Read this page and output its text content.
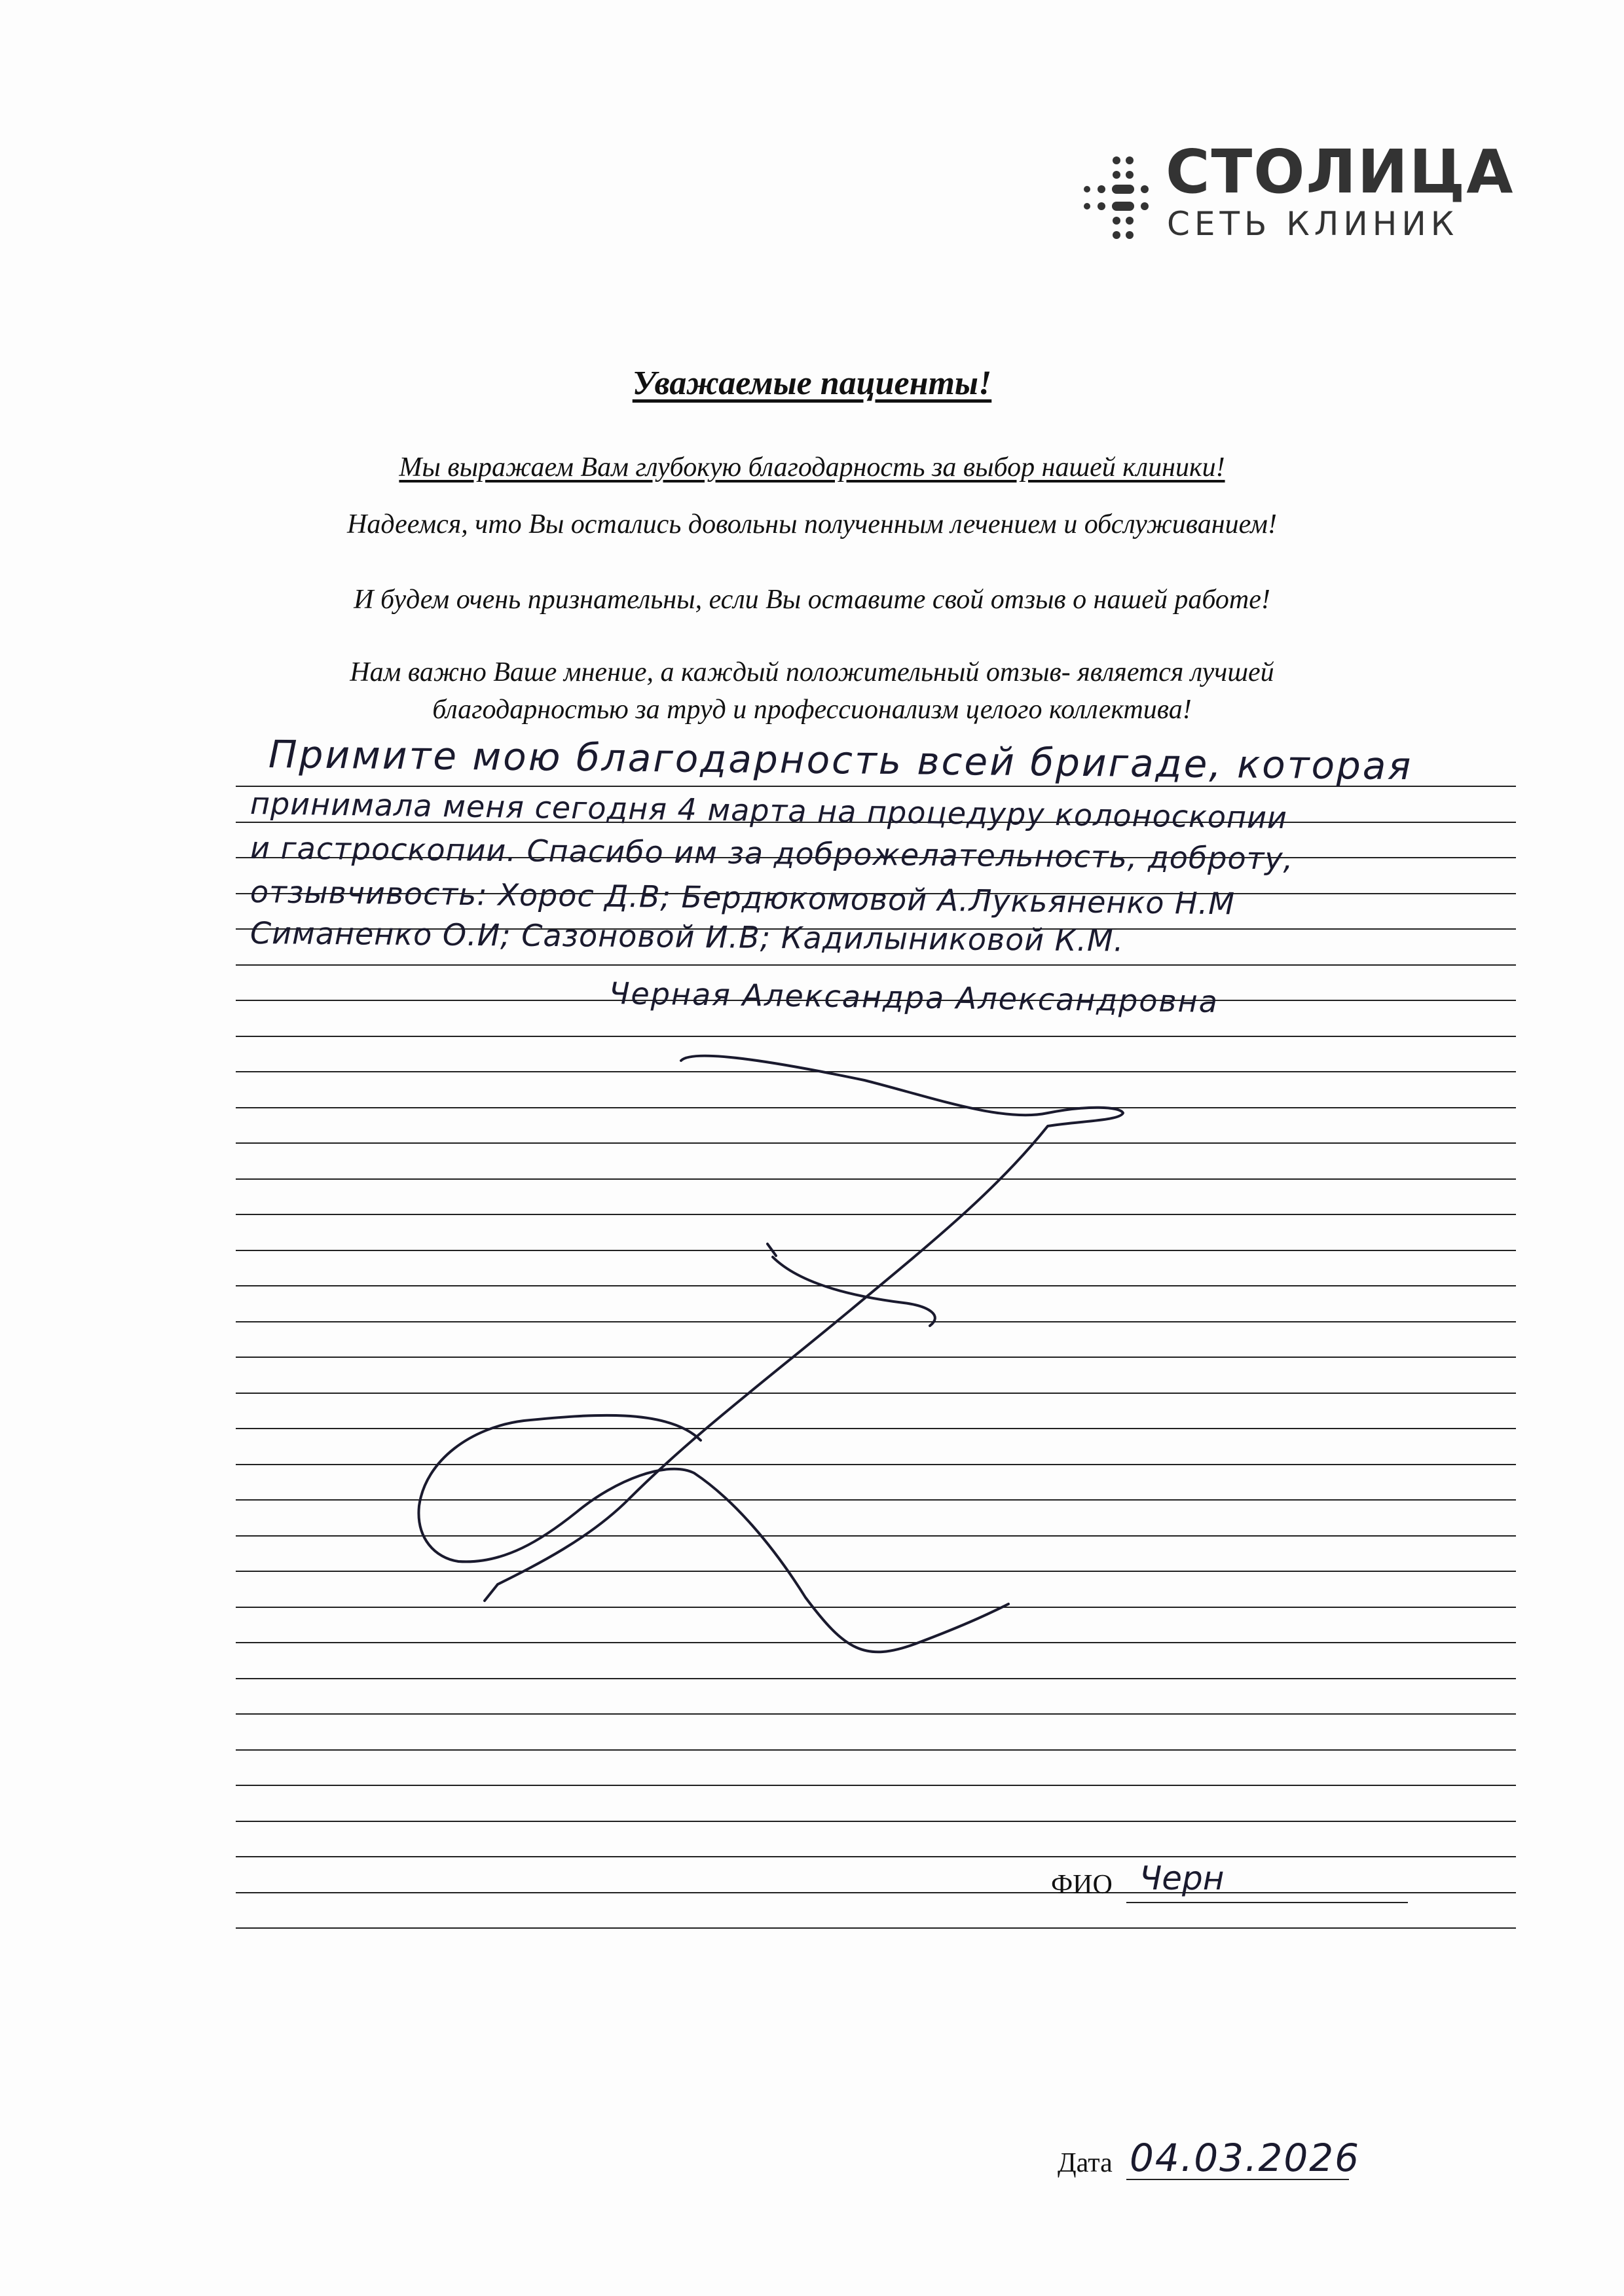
СТОЛИЦА
СЕТЬ КЛИНИК
Уважаемые пациенты!
Мы выражаем Вам глубокую благодарность за выбор нашей клиники!
Надеемся, что Вы остались довольны полученным лечением и обслуживанием!
И будем очень признательны, если Вы оставите свой отзыв о нашей работе!
Нам важно Ваше мнение, а каждый положительный отзыв- является лучшей
благодарностью за труд и профессионализм целого коллектива!
Примите мою благодарность всей бригаде, которая
принимала меня сегодня 4 марта на процедуру колоноскопии
и гастроскопии. Спасибо им за доброжелательность, доброту,
отзывчивость: Хорос Д.В; Бердюкомовой А.Лукьяненко Н.М
Симаненко О.И; Сазоновой И.В; Кадилыниковой К.М.
Черная Александра Александровна
ФИО Черн
Дата 04.03.2026
